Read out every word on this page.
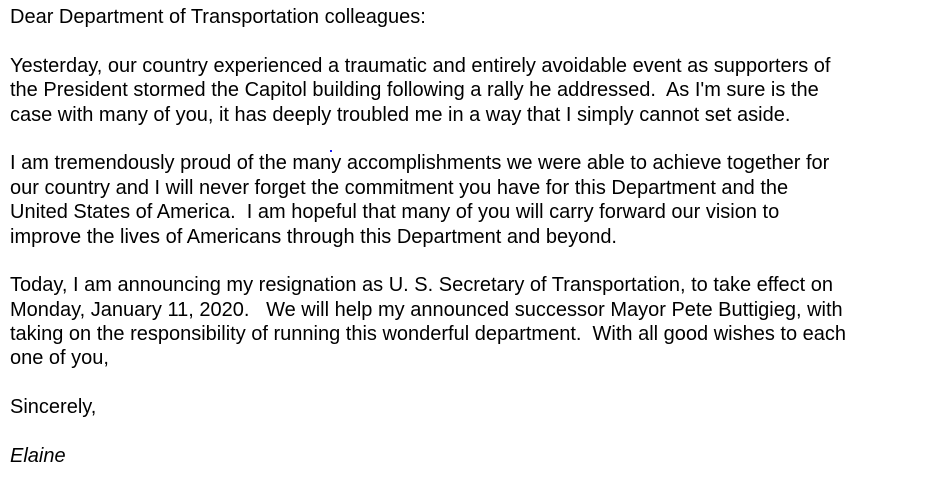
Dear Department of Transportation colleagues:
Yesterday, our country experienced a traumatic and entirely avoidable event as supporters of
the President stormed the Capitol building following a rally he addressed.  As I'm sure is the
case with many of you, it has deeply troubled me in a way that I simply cannot set aside.
I am tremendously proud of the many accomplishments we were able to achieve together for
our country and I will never forget the commitment you have for this Department and the
United States of America.  I am hopeful that many of you will carry forward our vision to
improve the lives of Americans through this Department and beyond.
Today, I am announcing my resignation as U. S. Secretary of Transportation, to take effect on
Monday, January 11, 2020.   We will help my announced successor Mayor Pete Buttigieg, with
taking on the responsibility of running this wonderful department.  With all good wishes to each
one of you,
Sincerely,
Elaine
